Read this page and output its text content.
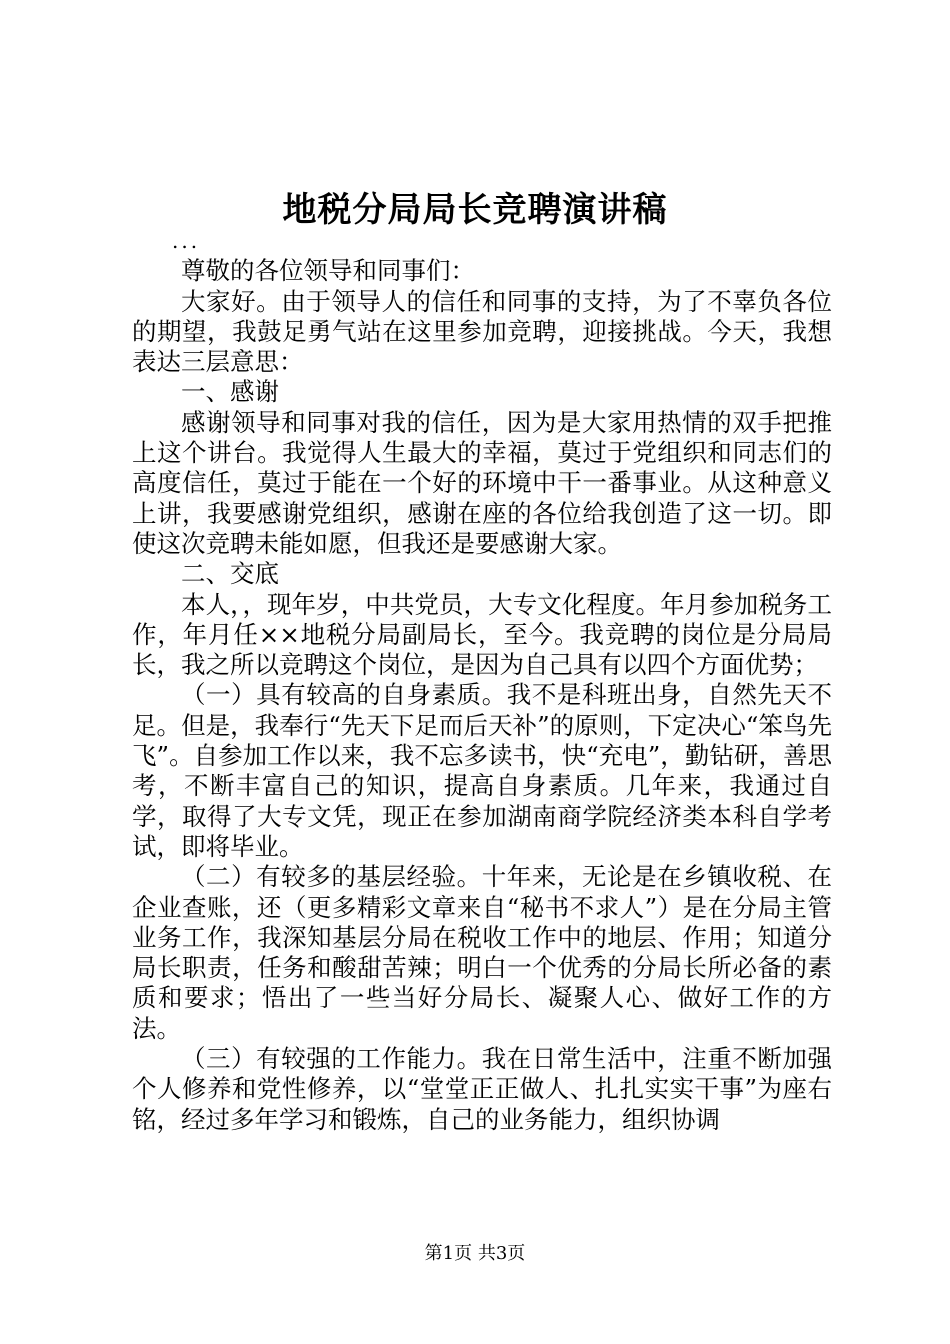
地税分局局长竞聘演讲稿

...

尊敬的各位领导和同事们：

大家好。由于领导人的信任和同事的支持，为了不辜负各位的期望，我鼓足勇气站在这里参加竞聘，迎接挑战。今天，我想表达三层意思：

一、感谢

感谢领导和同事对我的信任，因为是大家用热情的双手把推上这个讲台。我觉得人生最大的幸福，莫过于党组织和同志们的高度信任，莫过于能在一个好的环境中干一番事业。从这种意义上讲，我要感谢党组织，感谢在座的各位给我创造了这一切。即使这次竞聘未能如愿，但我还是要感谢大家。

二、交底

本人，，现年岁，中共党员，大专文化程度。年月参加税务工作，年月任××地税分局副局长，至今。我竞聘的岗位是分局局长，我之所以竞聘这个岗位，是因为自己具有以四个方面优势；

（一）具有较高的自身素质。我不是科班出身，自然先天不足。但是，我奉行“先天下足而后天补”的原则，下定决心“笨鸟先飞”。自参加工作以来，我不忘多读书，快“充电”，勤钻研，善思考，不断丰富自己的知识，提高自身素质。几年来，我通过自学，取得了大专文凭，现正在参加湖南商学院经济类本科自学考试，即将毕业。

（二）有较多的基层经验。十年来，无论是在乡镇收税、在企业查账，还（更多精彩文章来自“秘书不求人”）是在分局主管业务工作，我深知基层分局在税收工作中的地层、作用；知道分局长职责，任务和酸甜苦辣；明白一个优秀的分局长所必备的素质和要求；悟出了一些当好分局长、凝聚人心、做好工作的方法。

（三）有较强的工作能力。我在日常生活中，注重不断加强个人修养和党性修养，以“堂堂正正做人、扎扎实实干事”为座右铭，经过多年学习和锻炼，自己的业务能力，组织协调

第1页 共3页
